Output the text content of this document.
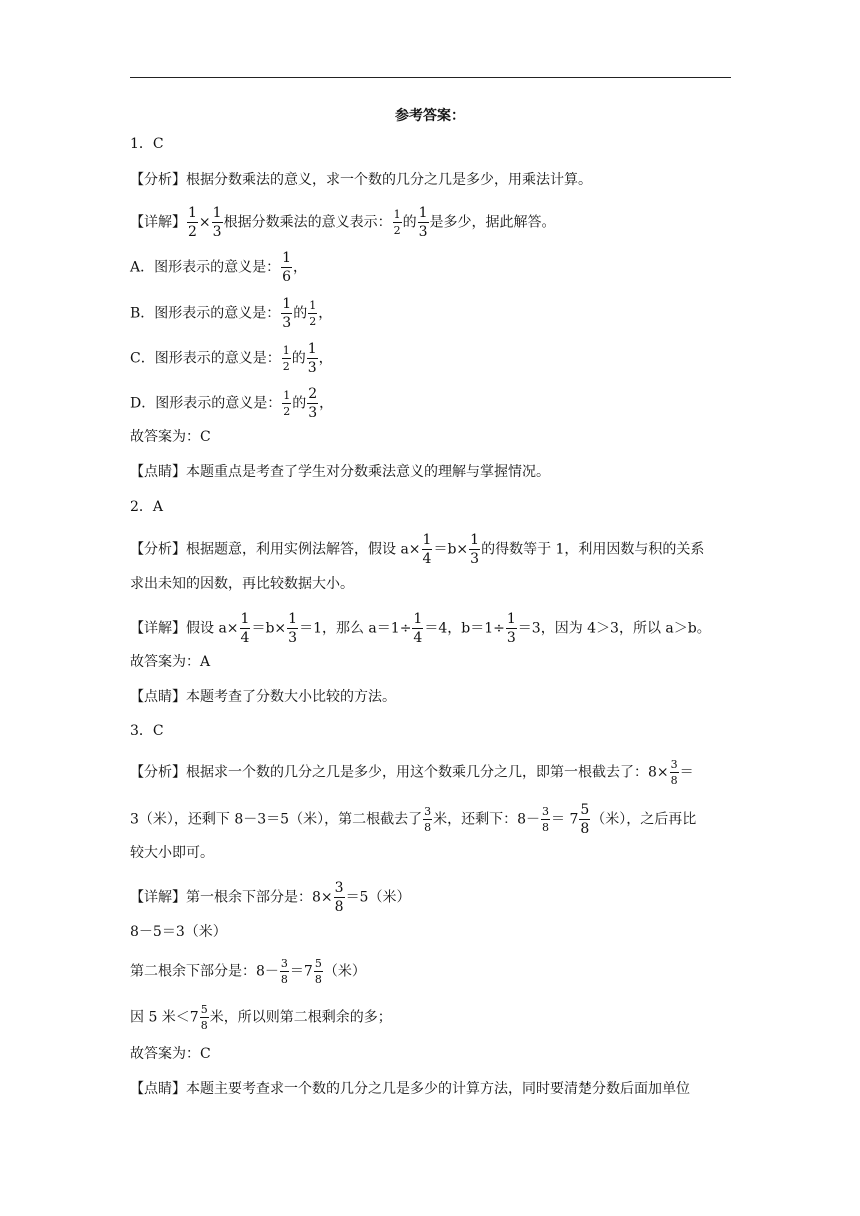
参考答案：
1．C
【分析】根据分数乘法的意义，求一个数的几分之几是多少，用乘法计算。
【详解】 $\frac{1}{2} \times \frac{1}{3}$ 根据分数乘法的意义表示： $\frac{1}{2}$ 的 $\frac{1}{3}$ 是多少，据此解答。
A．图形表示的意义是： $\frac{1}{6}$ ，
B．图形表示的意义是： $\frac{1}{3}$ 的 $\frac{1}{2}$ ，
C．图形表示的意义是： $\frac{1}{2}$ 的 $\frac{1}{3}$ ，
D．图形表示的意义是： $\frac{1}{2}$ 的 $\frac{2}{3}$ ，
故答案为：C
【点睛】本题重点是考查了学生对分数乘法意义的理解与掌握情况。
2．A
【分析】根据题意，利用实例法解答，假设 $a\times \frac{1}{4} =b\times \frac{1}{3}$ 的得数等于 1，利用因数与积的关系
求出未知的因数，再比较数据大小。
【详解】假设 $a\times \frac{1}{4} =b\times \frac{1}{3} =1$，那么 $a=1\div \frac{1}{4} =4$，$b=1\div \frac{1}{3} =3$，因为 4＞3，所以 a＞b。
故答案为：A
【点睛】本题考查了分数大小比较的方法。
3．C
【分析】根据求一个数的几分之几是多少，用这个数乘几分之几，即第一根截去了：$8\times \frac{3}{8}$ ＝
3（米），还剩下 8－3＝5（米），第二根截去了 $\frac{3}{8}$ 米，还剩下：$8- \frac{3}{8} = 7 \frac{5}{8}$ （米），之后再比
较大小即可。
【详解】第一根余下部分是：$8\times \frac{3}{8} =5$（米）
8－5＝3（米）
第二根余下部分是：$8- \frac{3}{8} =7 \frac{5}{8}$ （米）
因 5 米$<7 \frac{5}{8}$ 米，所以则第二根剩余的多；
故答案为：C
【点睛】本题主要考查求一个数的几分之几是多少的计算方法，同时要清楚分数后面加单位
